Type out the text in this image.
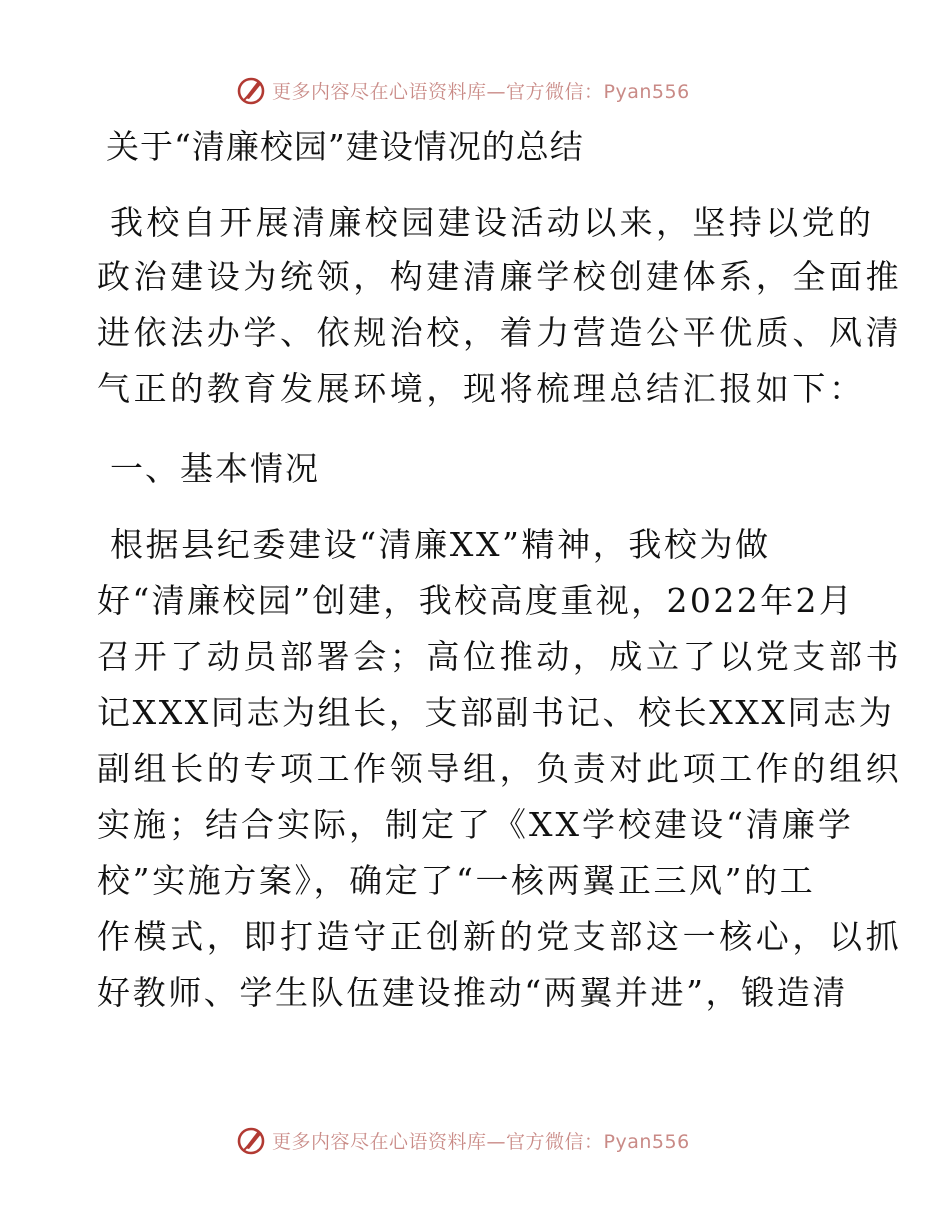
更多内容尽在心语资料库—官方微信：Pyan556
关于“清廉校园”建设情况的总结
我校自开展清廉校园建设活动以来，坚持以党的
政治建设为统领，构建清廉学校创建体系，全面推
进依法办学、依规治校，着力营造公平优质、风清
气正的教育发展环境，现将梳理总结汇报如下：
一、基本情况
根据县纪委建设“清廉XX”精神，我校为做
好“清廉校园”创建，我校高度重视，2022年2月
召开了动员部署会；高位推动，成立了以党支部书
记XXX同志为组长，支部副书记、校长XXX同志为
副组长的专项工作领导组，负责对此项工作的组织
实施；结合实际，制定了《XX学校建设“清廉学
校”实施方案》，确定了“一核两翼正三风”的工
作模式，即打造守正创新的党支部这一核心，以抓
好教师、学生队伍建设推动“两翼并进”，锻造清
更多内容尽在心语资料库—官方微信：Pyan556
